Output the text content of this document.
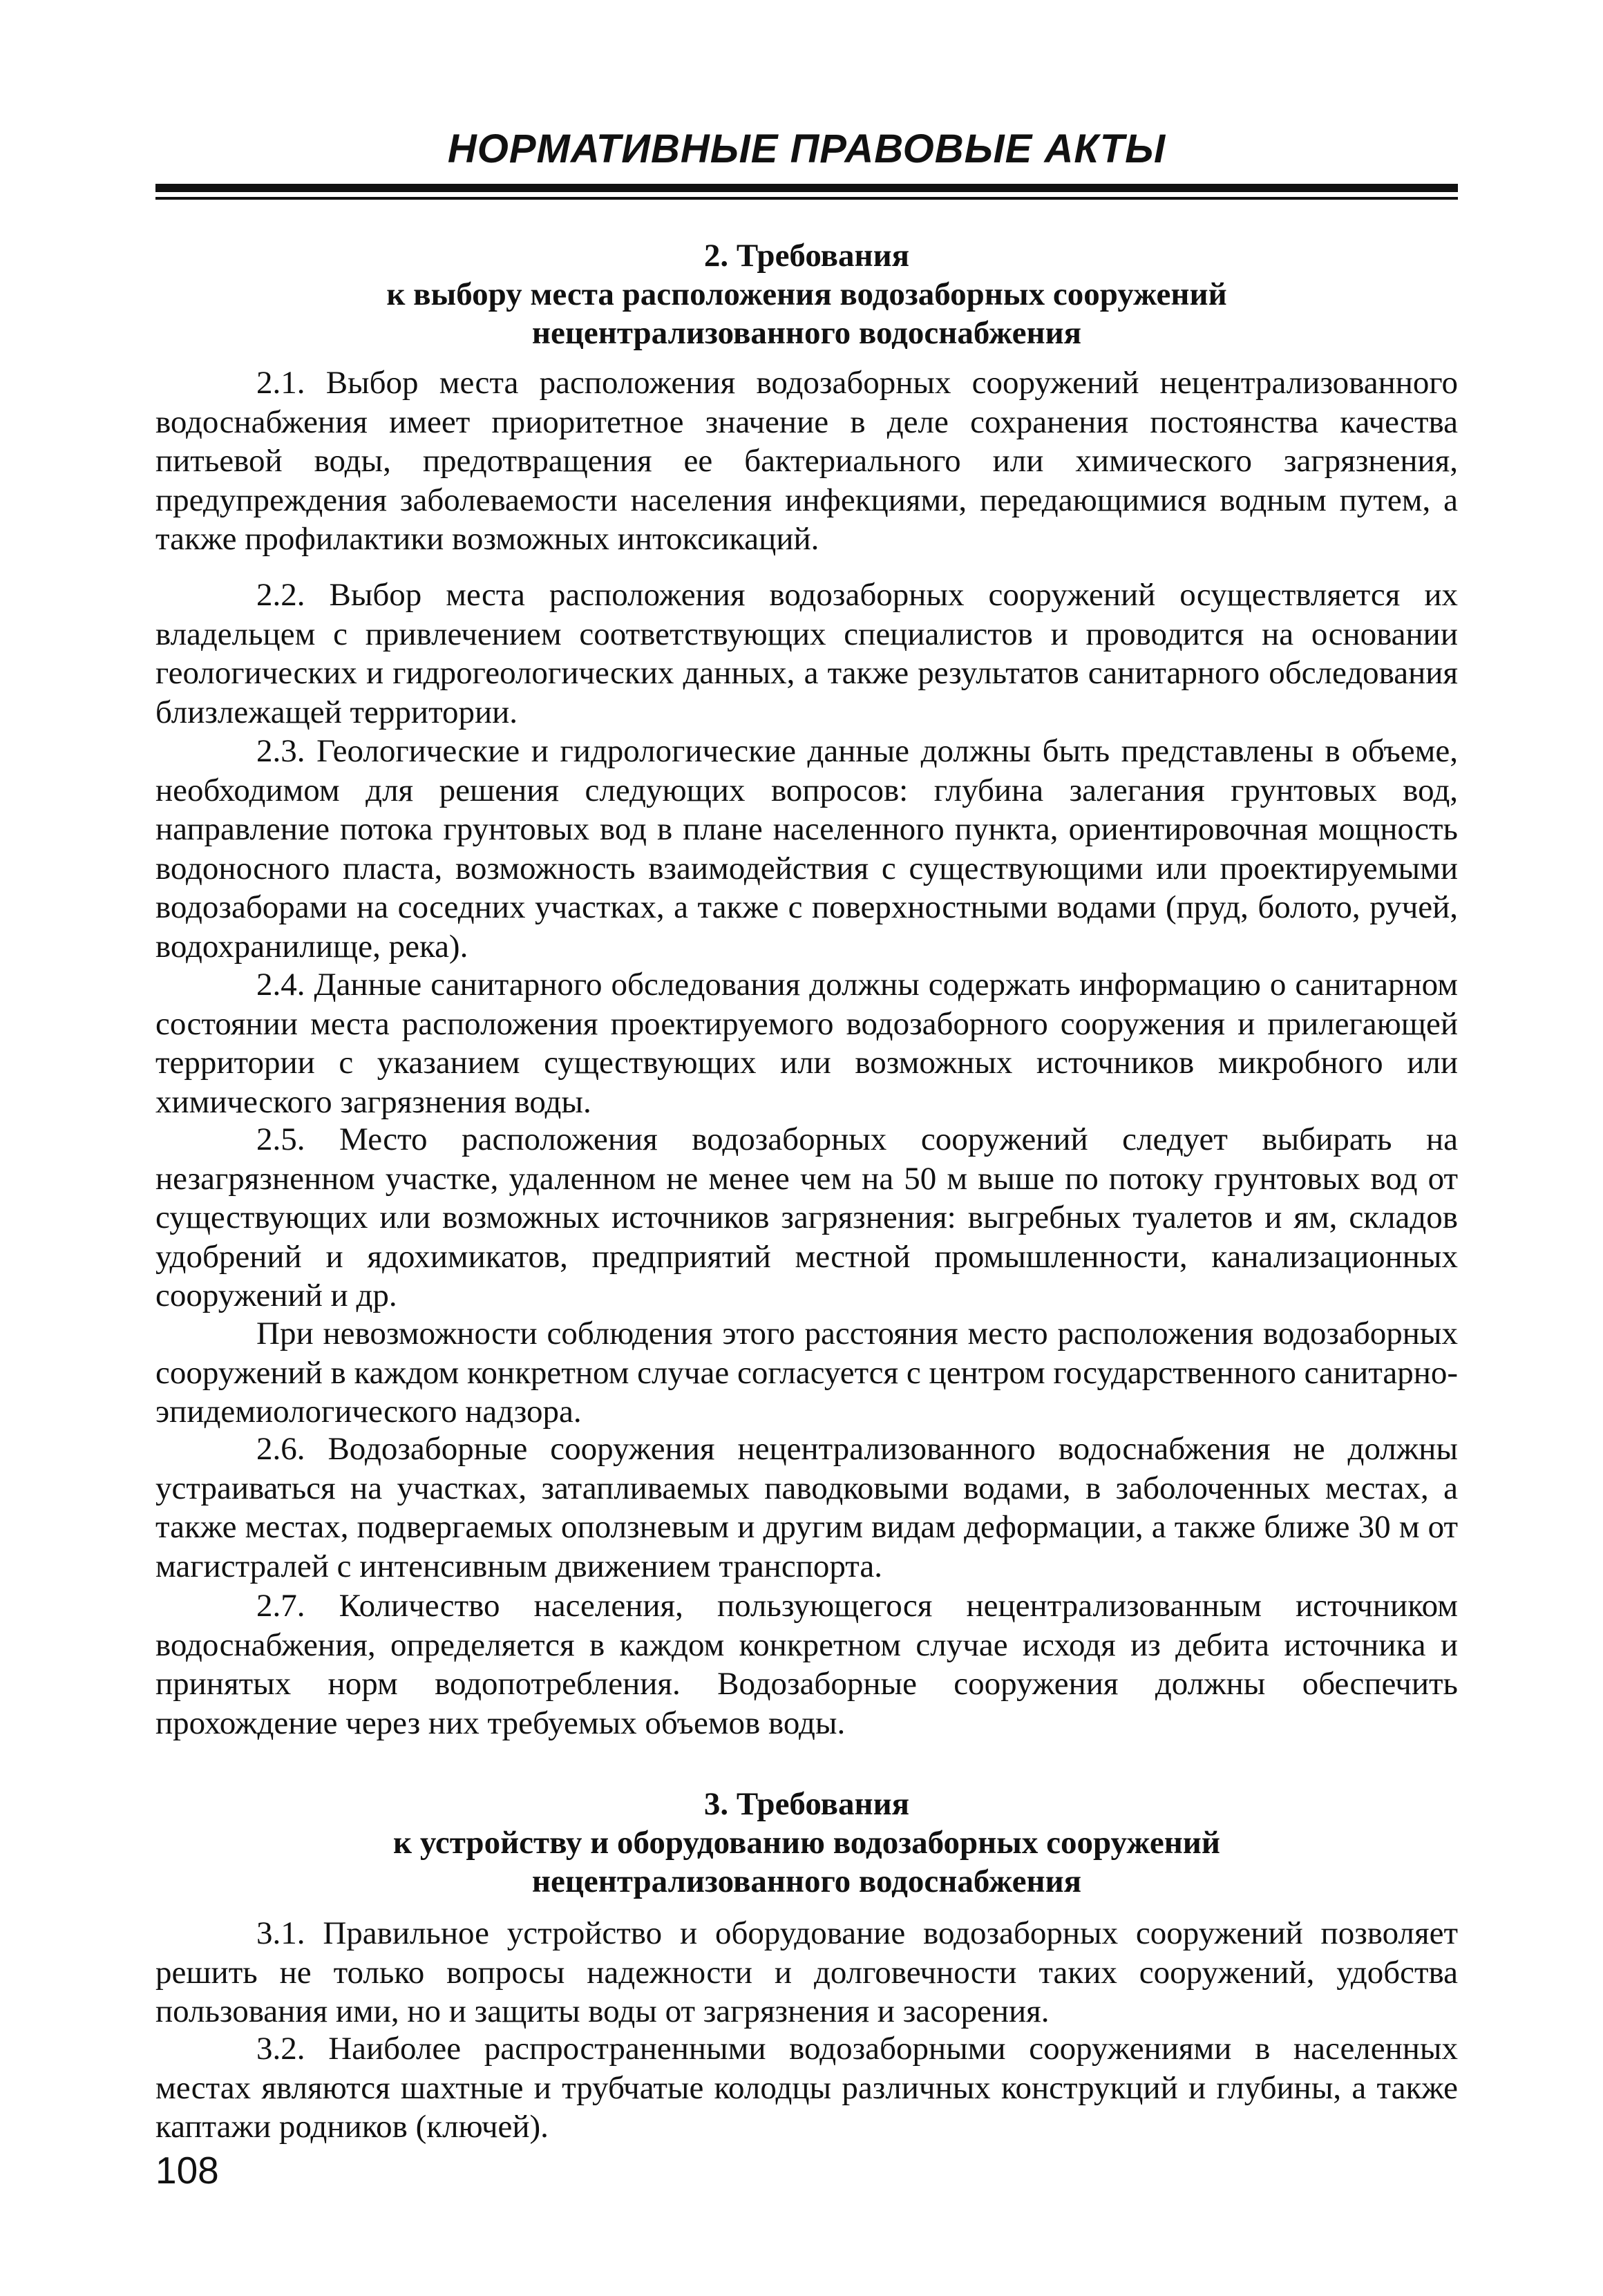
НОРМАТИВНЫЕ ПРАВОВЫЕ АКТЫ
2. Требования
к выбору места расположения водозаборных сооружений
нецентрализованного водоснабжения

2.1. Выбор места расположения водозаборных сооружений нецентрализованного водоснабжения имеет приоритетное значение в деле сохранения постоянства качества питьевой воды, предотвращения ее бактериального или химического загрязнения, предупреждения заболеваемости населения инфекциями, передающимися водным путем, а также профилактики возможных интоксикаций.

2.2. Выбор места расположения водозаборных сооружений осуществляется их владельцем с привлечением соответствующих специалистов и проводится на основании геологических и гидрогеологических данных, а также результатов санитарного обследования близлежащей территории.

2.3. Геологические и гидрологические данные должны быть представлены в объеме, необходимом для решения следующих вопросов: глубина залегания грунтовых вод, направление потока грунтовых вод в плане населенного пункта, ориентировочная мощность водоносного пласта, возможность взаимодействия с существующими или проектируемыми водозаборами на соседних участках, а также с поверхностными водами (пруд, болото, ручей, водохранилище, река).

2.4. Данные санитарного обследования должны содержать информацию о санитарном состоянии места расположения проектируемого водозаборного сооружения и прилегающей территории с указанием существующих или возможных источников микробного или химического загрязнения воды.

2.5. Место расположения водозаборных сооружений следует выбирать на незагрязненном участке, удаленном не менее чем на 50 м выше по потоку грунтовых вод от существующих или возможных источников загрязнения: выгребных туалетов и ям, складов удобрений и ядохимикатов, предприятий местной промышленности, канализационных сооружений и др.

При невозможности соблюдения этого расстояния место расположения водозаборных сооружений в каждом конкретном случае согласуется с центром государственного санитарно-эпидемиологического надзора.

2.6. Водозаборные сооружения нецентрализованного водоснабжения не должны устраиваться на участках, затапливаемых паводковыми водами, в заболоченных местах, а также местах, подвергаемых оползневым и другим видам деформации, а также ближе 30 м от магистралей с интенсивным движением транспорта.

2.7. Количество населения, пользующегося нецентрализованным источником водоснабжения, определяется в каждом конкретном случае исходя из дебита источника и принятых норм водопотребления. Водозаборные сооружения должны обеспечить прохождение через них требуемых объемов воды.

3. Требования
к устройству и оборудованию водозаборных сооружений
нецентрализованного водоснабжения

3.1. Правильное устройство и оборудование водозаборных сооружений позволяет решить не только вопросы надежности и долговечности таких сооружений, удобства пользования ими, но и защиты воды от загрязнения и засорения.

3.2. Наиболее распространенными водозаборными сооружениями в населенных местах являются шахтные и трубчатые колодцы различных конструкций и глубины, а также каптажи родников (ключей).

108
